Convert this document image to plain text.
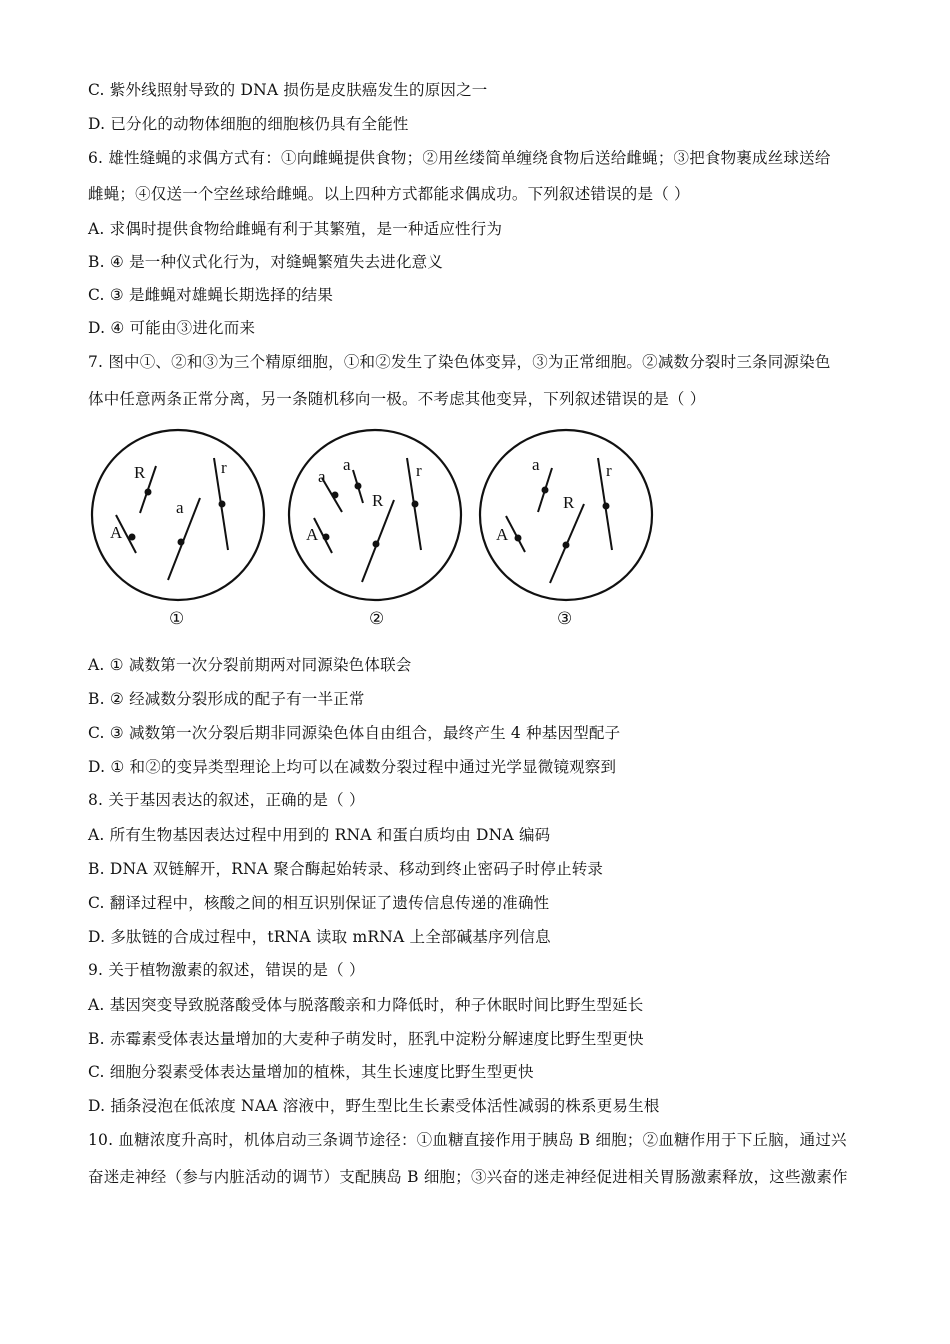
C. 紫外线照射导致的 DNA 损伤是皮肤癌发生的原因之一
D. 已分化的动物体细胞的细胞核仍具有全能性
6. 雄性缝蝇的求偶方式有：①向雌蝇提供食物；②用丝缕简单缠绕食物后送给雌蝇；③把食物裹成丝球送给
雌蝇；④仅送一个空丝球给雌蝇。以上四种方式都能求偶成功。下列叙述错误的是（ ）
A. 求偶时提供食物给雌蝇有利于其繁殖，是一种适应性行为
B. ④ 是一种仪式化行为，对缝蝇繁殖失去进化意义
C. ③ 是雌蝇对雄蝇长期选择的结果
D. ④ 可能由③进化而来
7. 图中①、②和③为三个精原细胞，①和②发生了染色体变异，③为正常细胞。②减数分裂时三条同源染色
体中任意两条正常分离，另一条随机移向一极。不考虑其他变异，下列叙述错误的是（ ）
R
A
a
r
①
a
a
A
R
r
②
a
A
R
r
③
A. ① 减数第一次分裂前期两对同源染色体联会
B. ② 经减数分裂形成的配子有一半正常
C. ③ 减数第一次分裂后期非同源染色体自由组合，最终产生 4 种基因型配子
D. ① 和②的变异类型理论上均可以在减数分裂过程中通过光学显微镜观察到
8. 关于基因表达的叙述，正确的是（ ）
A. 所有生物基因表达过程中用到的 RNA 和蛋白质均由 DNA 编码
B. DNA 双链解开，RNA 聚合酶起始转录、移动到终止密码子时停止转录
C. 翻译过程中，核酸之间的相互识别保证了遗传信息传递的准确性
D. 多肽链的合成过程中，tRNA 读取 mRNA 上全部碱基序列信息
9. 关于植物激素的叙述，错误的是（ ）
A. 基因突变导致脱落酸受体与脱落酸亲和力降低时，种子休眠时间比野生型延长
B. 赤霉素受体表达量增加的大麦种子萌发时，胚乳中淀粉分解速度比野生型更快
C. 细胞分裂素受体表达量增加的植株，其生长速度比野生型更快
D. 插条浸泡在低浓度 NAA 溶液中，野生型比生长素受体活性减弱的株系更易生根
10. 血糖浓度升高时，机体启动三条调节途径：①血糖直接作用于胰岛 B 细胞；②血糖作用于下丘脑，通过兴
奋迷走神经（参与内脏活动的调节）支配胰岛 B 细胞；③兴奋的迷走神经促进相关胃肠激素释放，这些激素作
